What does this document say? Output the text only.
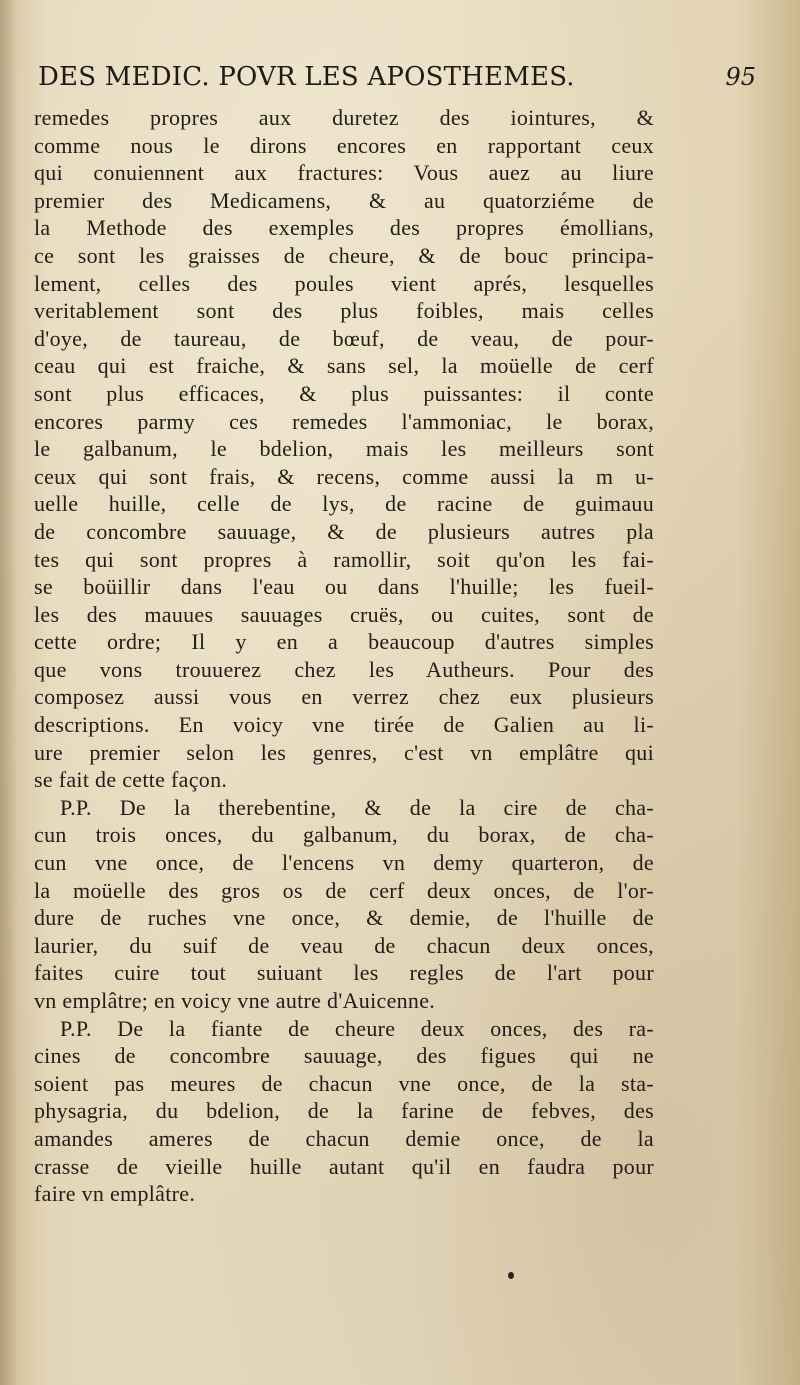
DES MEDIC. POVR LES APOSTHEMES.	95
remedes propres aux duretez des iointures, &
comme nous le dirons encores en rapportant ceux
qui conuiennent aux fractures: Vous auez au liure
premier des Medicamens, & au quatorziéme de
la Methode des exemples des propres émollians,
ce sont les graisses de cheure, & de bouc principa-
lement, celles des poules vient aprés, lesquelles
veritablement sont des plus foibles, mais celles
d'oye, de taureau, de bœuf, de veau, de pour-
ceau qui est fraiche, & sans sel, la moüelle de cerf
sont plus efficaces, & plus puissantes: il conte
encores parmy ces remedes l'ammoniac, le borax,
le galbanum, le bdelion, mais les meilleurs sont
ceux qui sont frais, & recens, comme aussi la m u-
uelle huille, celle de lys, de racine de guimauu
de concombre sauuage, & de plusieurs autres pla
tes qui sont propres à ramollir, soit qu'on les fai-
se boüillir dans l'eau ou dans l'huille; les fueil-
les des mauues sauuages cruës, ou cuites, sont de
cette ordre; Il y en a beaucoup d'autres simples
que vons trouuerez chez les Autheurs. Pour des
composez aussi vous en verrez chez eux plusieurs
descriptions. En voicy vne tirée de Galien au li-
ure premier selon les genres, c'est vn emplâtre qui
se fait de cette façon.
P.P. De la therebentine, & de la cire de cha-
cun trois onces, du galbanum, du borax, de cha-
cun vne once, de l'encens vn demy quarteron, de
la moüelle des gros os de cerf deux onces, de l'or-
dure de ruches vne once, & demie, de l'huille de
laurier, du suif de veau de chacun deux onces,
faites cuire tout suiuant les regles de l'art pour
vn emplâtre; en voicy vne autre d'Auicenne.
P.P. De la fiante de cheure deux onces, des ra-
cines de concombre sauuage, des figues qui ne
soient pas meures de chacun vne once, de la sta-
physagria, du bdelion, de la farine de febves, des
amandes ameres de chacun demie once, de la
crasse de vieille huille autant qu'il en faudra pour
faire vn emplâtre.
